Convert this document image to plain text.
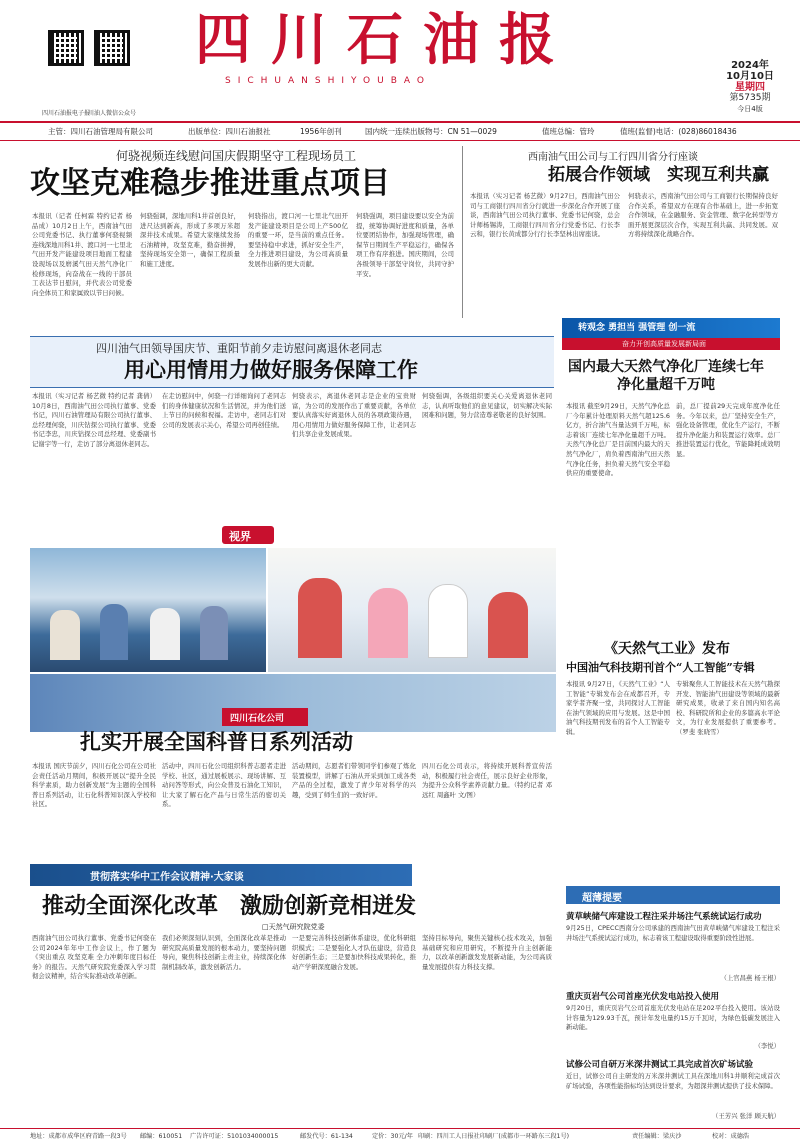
四川石油报电子报
川油人微信公众号
四川石油报
SICHUANSHIYOUBAO
2024年
10月10日
星期四
第5735期
今日4版
主管：四川石油管理局有限公司	出版单位：四川石油报社	1956年创刊	国内统一连续出版物号：CN 51—0029	值班总编：管玲	值班(监督)电话：(028)86018436
何骁视频连线慰问国庆假期坚守工程现场员工
攻坚克难稳步推进重点项目
本报讯（记者 任柯霖 特约记者 杨品成）10月2日上午，西南油气田公司党委书记、执行董事何骁视频连线深地川科1井、渡口河一七里北气田开发产能建设项目地面工程建设现场以及磨溪气田天然气净化厂检修现场，向奋战在一线的干部员工表达节日慰问，并代表公司党委向全体员工和家属致以节日问候。
何骁强调，深地川科1井首创良好，进尺达到新高，形成了多项万米超深井技术成果。希望大家继续发扬石油精神，攻坚克难，勤奋拼搏，坚持现场安全第一，确保工程质量和施工进度。
何骁指出，渡口河一七里北气田开发产能建设项目是公司上产500亿的重要一环，是当前的重点任务。要坚持稳中求进，抓好安全生产，全力推进项目建设，为公司高质量发展作出新的更大贡献。
何骁强调，项目建设要以安全为前提，统筹协调好进度和质量，各单位要团结协作，加强现场管理，确保节日期间生产平稳运行，确保各项工作有序推进。国庆期间，公司各级领导干部坚守岗位，共同守护平安。
西南油气田公司与工行四川省分行座谈
拓展合作领域　实现互利共赢
本报讯（实习记者 杨艺微）9月27日，西南油气田公司与工商银行四川省分行就进一步深化合作开展了座谈，西南油气田公司执行董事、党委书记何骁，总会计师杨锡涛，工商银行四川省分行党委书记、行长李云和，银行长黄成都分行行长李坚林出席座谈。
何骁表示，西南油气田公司与工商银行长期保持良好合作关系，希望双方在现有合作基础上，进一步拓宽合作领域，在金融服务、资金管理、数字化转型等方面开展更深层次合作，实现互利共赢、共同发展。双方将持续深化战略合作。
转观念 勇担当 强管理 创一流
奋力开创高质量发展新局面
四川油气田领导国庆节、重阳节前夕走访慰问离退休老同志
用心用情用力做好服务保障工作
本报讯（实习记者 杨艺微 特约记者 龚倩）10月8日，西南油气田公司执行董事、党委书记，四川石油管理局有限公司执行董事、总经理何骁，川庆钻探公司执行董事、党委书记李忠，川庆钻探公司总经理、党委副书记谢宇等一行，走访了部分离退休老同志。
在走访慰问中，何骁一行详细询问了老同志们的身体健康状况和生活情况，并为他们送上节日的问候和祝福。走访中，老同志们对公司的发展表示关心，希望公司再创佳绩。
何骁表示，离退休老同志是企业的宝贵财富，为公司的发展作出了重要贡献，各单位要认真落实好离退休人员的各项政策待遇，用心用情用力做好服务保障工作，让老同志们共享企业发展成果。
何骁强调，各级组织要关心关爱离退休老同志，认真听取他们的意见建议，切实解决实际困难和问题，努力营造尊老敬老的良好氛围。
国内最大天然气净化厂连续七年净化量超千万吨
本报讯 截至9月29日，天然气净化总厂今年累计处理原料天然气超125.6亿方，折合油气当量达到千万吨，标志着该厂连续七年净化量超千万吨。天然气净化总厂是目前国内最大的天然气净化厂，肩负着西南油气田天然气净化任务，担负着天然气安全平稳供应的重要使命。
前，总厂提前29天完成年度净化任务。今年以来，总厂坚持安全生产，强化设备管理，优化生产运行，不断提升净化能力和装置运行效率。总厂推进装置运行优化，节能降耗成效明显。
视界
四川石化公司
扎实开展全国科普日系列活动
本报讯 国庆节前夕，四川石化公司在公司社会责任活动月期间，积极开展以“提升全民科学素质，助力创新发展”为主题的全国科普日系列活动，让石化科普知识深入学校和社区。
活动中，四川石化公司组织科普志愿者走进学校、社区，通过展板展示、现场讲解、互动问答等形式，向公众普及石油化工知识，让大家了解石化产品与日常生活的密切关系。
活动期间，志愿者们带领同学们参观了炼化装置模型，讲解了石油从开采到加工成各类产品的全过程，激发了青少年对科学的兴趣，受到了师生们的一致好评。
四川石化公司表示，将持续开展科普宣传活动，积极履行社会责任，展示良好企业形象，为提升公众科学素养贡献力量。（特约记者 邓远红 周鑫叶 文/图）
《天然气工业》发布
中国油气科技期刊首个“人工智能”专辑
本报讯 9月27日，《天然气工业》“人工智能”专辑发布会在成都召开，专家学者齐聚一堂，共同探讨人工智能在油气领域的应用与发展。这是中国油气科技期刊发布的首个人工智能专辑。
专辑聚焦人工智能技术在天然气勘探开发、智能油气田建设等领域的最新研究成果，收录了来自国内知名高校、科研院所和企业的多篇高水平论文，为行业发展提供了重要参考。（罗斐 张晓雪）
贯彻落实华中工作会议精神·大家谈
推动全面深化改革　激励创新竞相迸发
□天然气研究院党委
西南油气田公司执行董事、党委书记何骁在公司2024年年中工作会议上，作了题为《突出重点 攻坚克难 全力冲刺年度目标任务》的报告。天然气研究院党委深入学习贯彻会议精神，结合实际推动改革创新。
我们必须深刻认识到，全面深化改革是推动研究院高质量发展的根本动力，要坚持问题导向，聚焦科技创新主责主业，持续深化体制机制改革，激发创新活力。
一是要完善科技创新体系建设，优化科研组织模式；二是要强化人才队伍建设，营造良好创新生态；三是要加快科技成果转化，推动产学研深度融合发展。
坚持目标导向，聚焦关键核心技术攻关，加强基础研究和应用研究，不断提升自主创新能力，以改革创新激发发展新动能，为公司高质量发展提供有力科技支撑。
超薄提要
黄草峡储气库建设工程注采井场注气系统试运行成功
9月25日，CPECC西南分公司承建的西南油气田黄草峡储气库建设工程注采井场注气系统试运行成功，标志着该工程建设取得重要阶段性进展。
（上官昌燕 杨王根）
重庆页岩气公司首座光伏发电站投入使用
9月20日，重庆页岩气公司首座光伏发电站在足202平台投入使用。该站设计容量为129.93千瓦，预计年发电量约15万千瓦时，为绿色低碳发展注入新动能。
（李悦）
试修公司自研万米深井测试工具完成首次矿场试验
近日，试修公司自主研发的万米深井测试工具在深地川科1井顺利完成首次矿场试验，各项性能指标均达到设计要求，为超深井测试提供了技术保障。
（王芳兴 张洋 顾天航）
地址：成都市成华区府青路一段3号 邮编：610051 广告许可证：5101034000015	邮发代号：61-134	定价：30元/年 印刷：四川工人日报社印刷厂(成都市一环路东三段1号)	责任编辑：梁庆沙	校对：成德浩
